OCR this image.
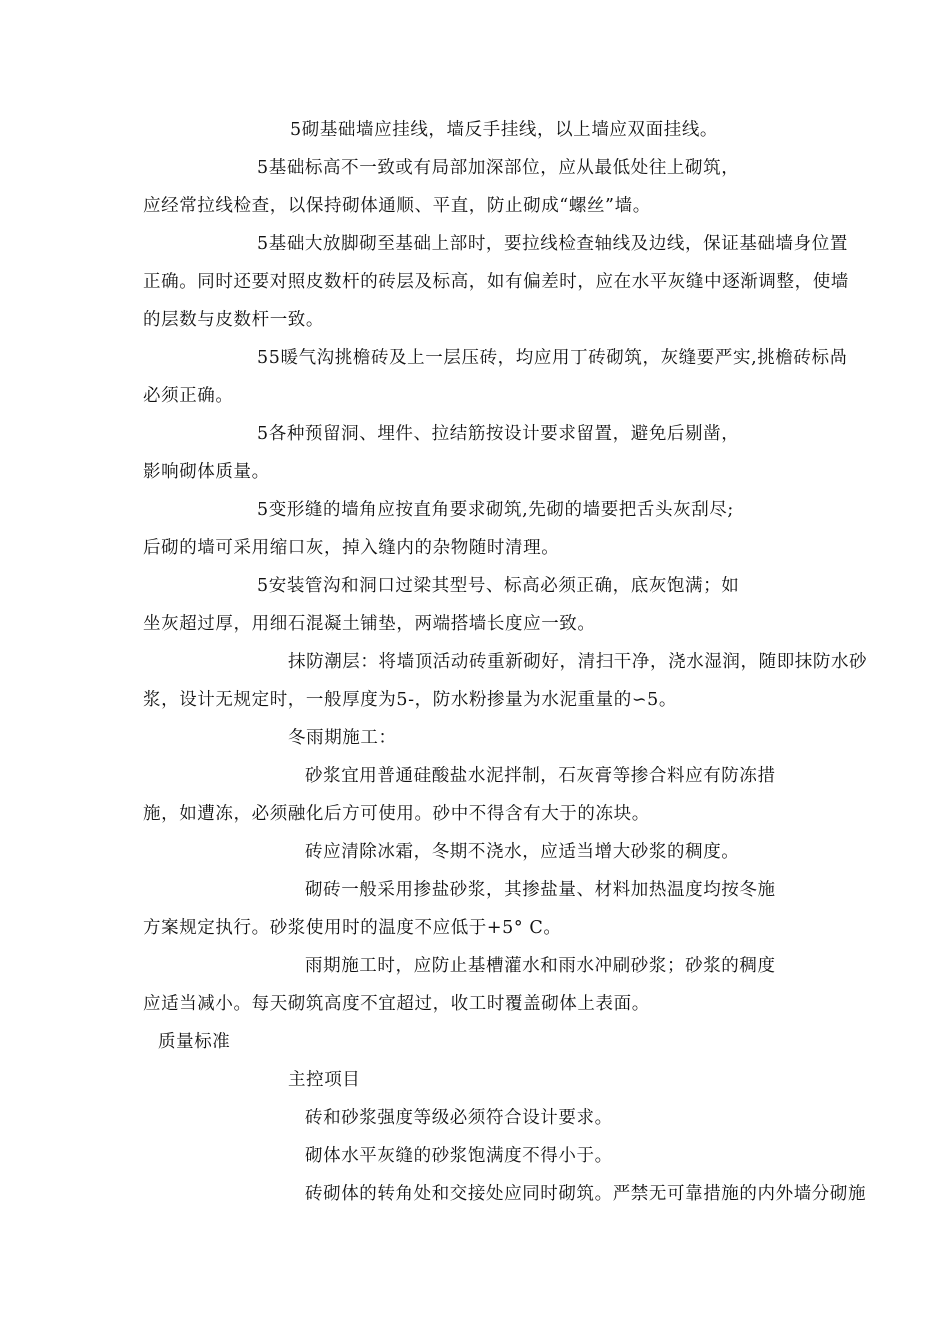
5砌基础墙应挂线，墙反手挂线，以上墙应双面挂线。
5基础标高不一致或有局部加深部位，应从最低处往上砌筑，
应经常拉线检查，以保持砌体通顺、平直，防止砌成“螺丝”墙。
5基础大放脚砌至基础上部时，要拉线检查轴线及边线，保证基础墙身位置
正确。同时还要对照皮数杆的砖层及标高，如有偏差时，应在水平灰缝中逐渐调整，使墙
的层数与皮数杆一致。
55暖气沟挑檐砖及上一层压砖，均应用丁砖砌筑，灰缝要严实,挑檐砖标咼
必须正确。
5各种预留洞、埋件、拉结筋按设计要求留置，避免后剔凿，
影响砌体质量。
5变形缝的墙角应按直角要求砌筑,先砌的墙要把舌头灰刮尽;
后砌的墙可采用缩口灰，掉入缝内的杂物随时清理。
5安装管沟和洞口过梁其型号、标高必须正确，底灰饱满；如
坐灰超过厚，用细石混凝土铺垫，两端搭墙长度应一致。
抹防潮层：将墙顶活动砖重新砌好，清扫干净，浇水湿润，随即抹防水砂
浆，设计无规定时，一般厚度为5-，防水粉掺量为水泥重量的∽5。
冬雨期施工：
砂浆宜用普通硅酸盐水泥拌制，石灰膏等掺合料应有防冻措
施，如遭冻，必须融化后方可使用。砂中不得含有大于的冻块。
砖应清除冰霜，冬期不浇水，应适当增大砂浆的稠度。
砌砖一般采用掺盐砂浆，其掺盐量、材料加热温度均按冬施
方案规定执行。砂浆使用时的温度不应低于+5° C。
雨期施工时，应防止基槽灌水和雨水冲刷砂浆；砂浆的稠度
应适当减小。每天砌筑高度不宜超过，收工时覆盖砌体上表面。
质量标准
主控项目
砖和砂浆强度等级必须符合设计要求。
砌体水平灰缝的砂浆饱满度不得小于。
砖砌体的转角处和交接处应同时砌筑。严禁无可靠措施的内外墙分砌施
